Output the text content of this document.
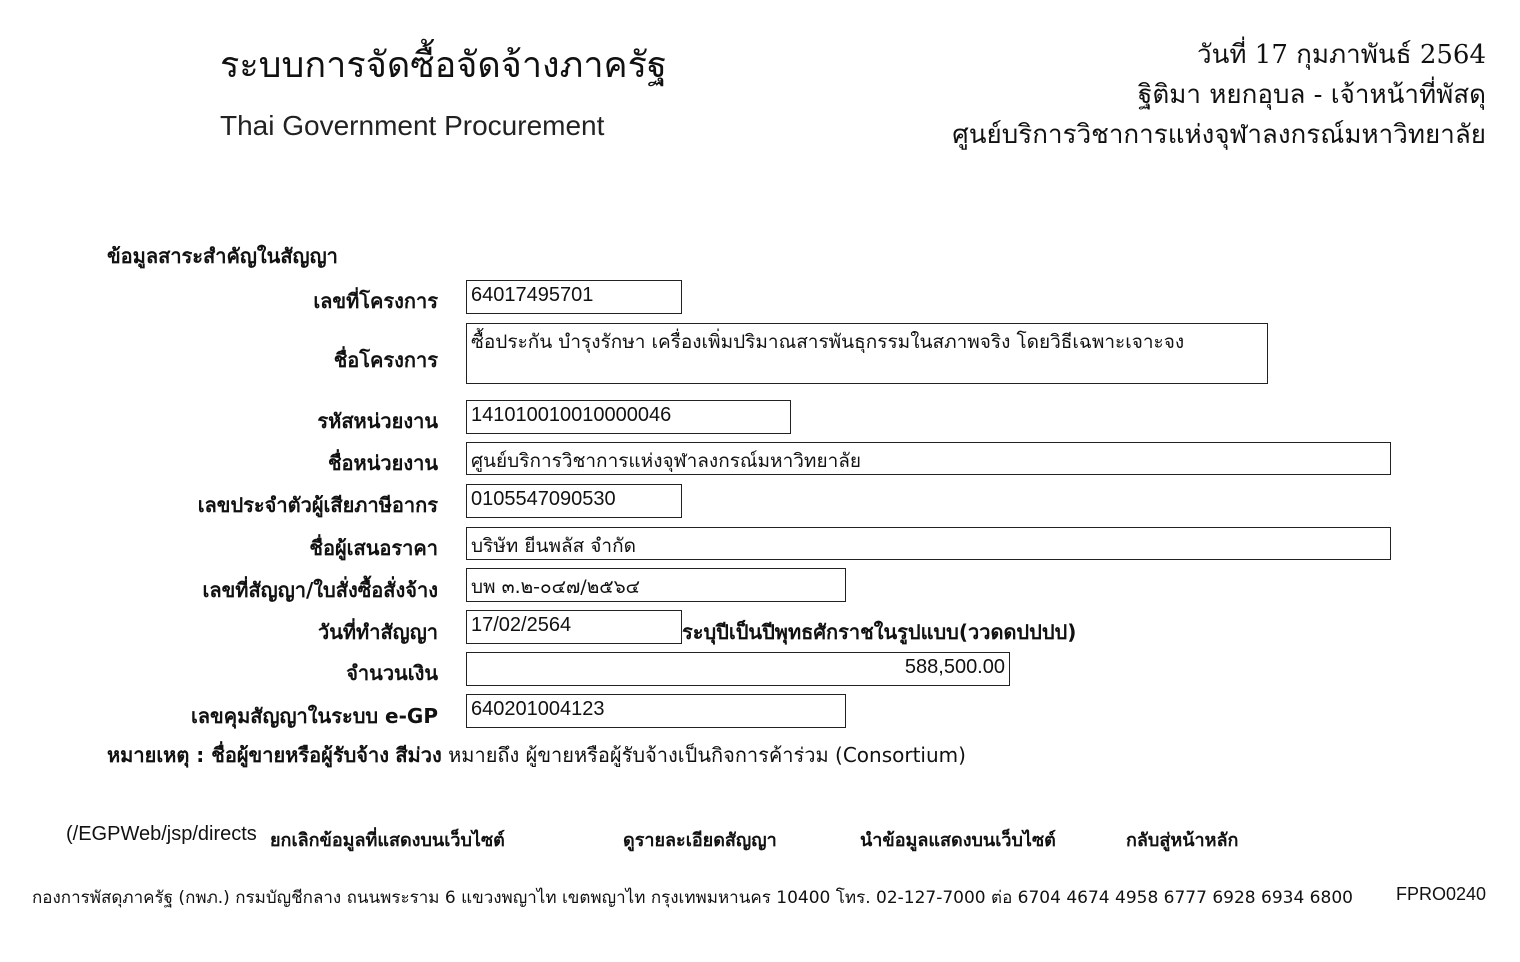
ระบบการจัดซื้อจัดจ้างภาครัฐ
Thai Government Procurement
วันที่ 17 กุมภาพันธ์ 2564
ฐิติมา หยกอุบล - เจ้าหน้าที่พัสดุ
ศูนย์บริการวิชาการแห่งจุฬาลงกรณ์มหาวิทยาลัย
ข้อมูลสาระสำคัญในสัญญา
เลขที่โครงการ 64017495701
ชื่อโครงการ
ซื้อประกัน บำรุงรักษา เครื่องเพิ่มปริมาณสารพันธุกรรมในสภาพจริง โดยวิธีเฉพาะเจาะจง
รหัสหน่วยงาน 141010010010000046
ชื่อหน่วยงาน ศูนย์บริการวิชาการแห่งจุฬาลงกรณ์มหาวิทยาลัย
เลขประจำตัวผู้เสียภาษีอากร 0105547090530
ชื่อผู้เสนอราคา บริษัท ยีนพลัส จำกัด
เลขที่สัญญา/ใบสั่งซื้อสั่งจ้าง บพ ๓.๒-๐๔๗/๒๕๖๔
วันที่ทำสัญญา 17/02/2564	ระบุปีเป็นปีพุทธศักราชในรูปแบบ(ววดดปปปป)
จำนวนเงิน	588,500.00
เลขคุมสัญญาในระบบ e-GP 640201004123
หมายเหตุ : ชื่อผู้ขายหรือผู้รับจ้าง สีม่วง หมายถึง ผู้ขายหรือผู้รับจ้างเป็นกิจการค้าร่วม (Consortium)
(/EGPWeb/jsp/directs ยกเลิกข้อมูลที่แสดงบนเว็บไซต์	ดูรายละเอียดสัญญา	นำข้อมูลแสดงบนเว็บไซต์	กลับสู่หน้าหลัก
กองการพัสดุภาครัฐ (กพภ.) กรมบัญชีกลาง ถนนพระราม 6 แขวงพญาไท เขตพญาไท กรุงเทพมหานคร 10400 โทร. 02-127-7000 ต่อ 6704 4674 4958 6777 6928 6934 6800 FPRO0240
